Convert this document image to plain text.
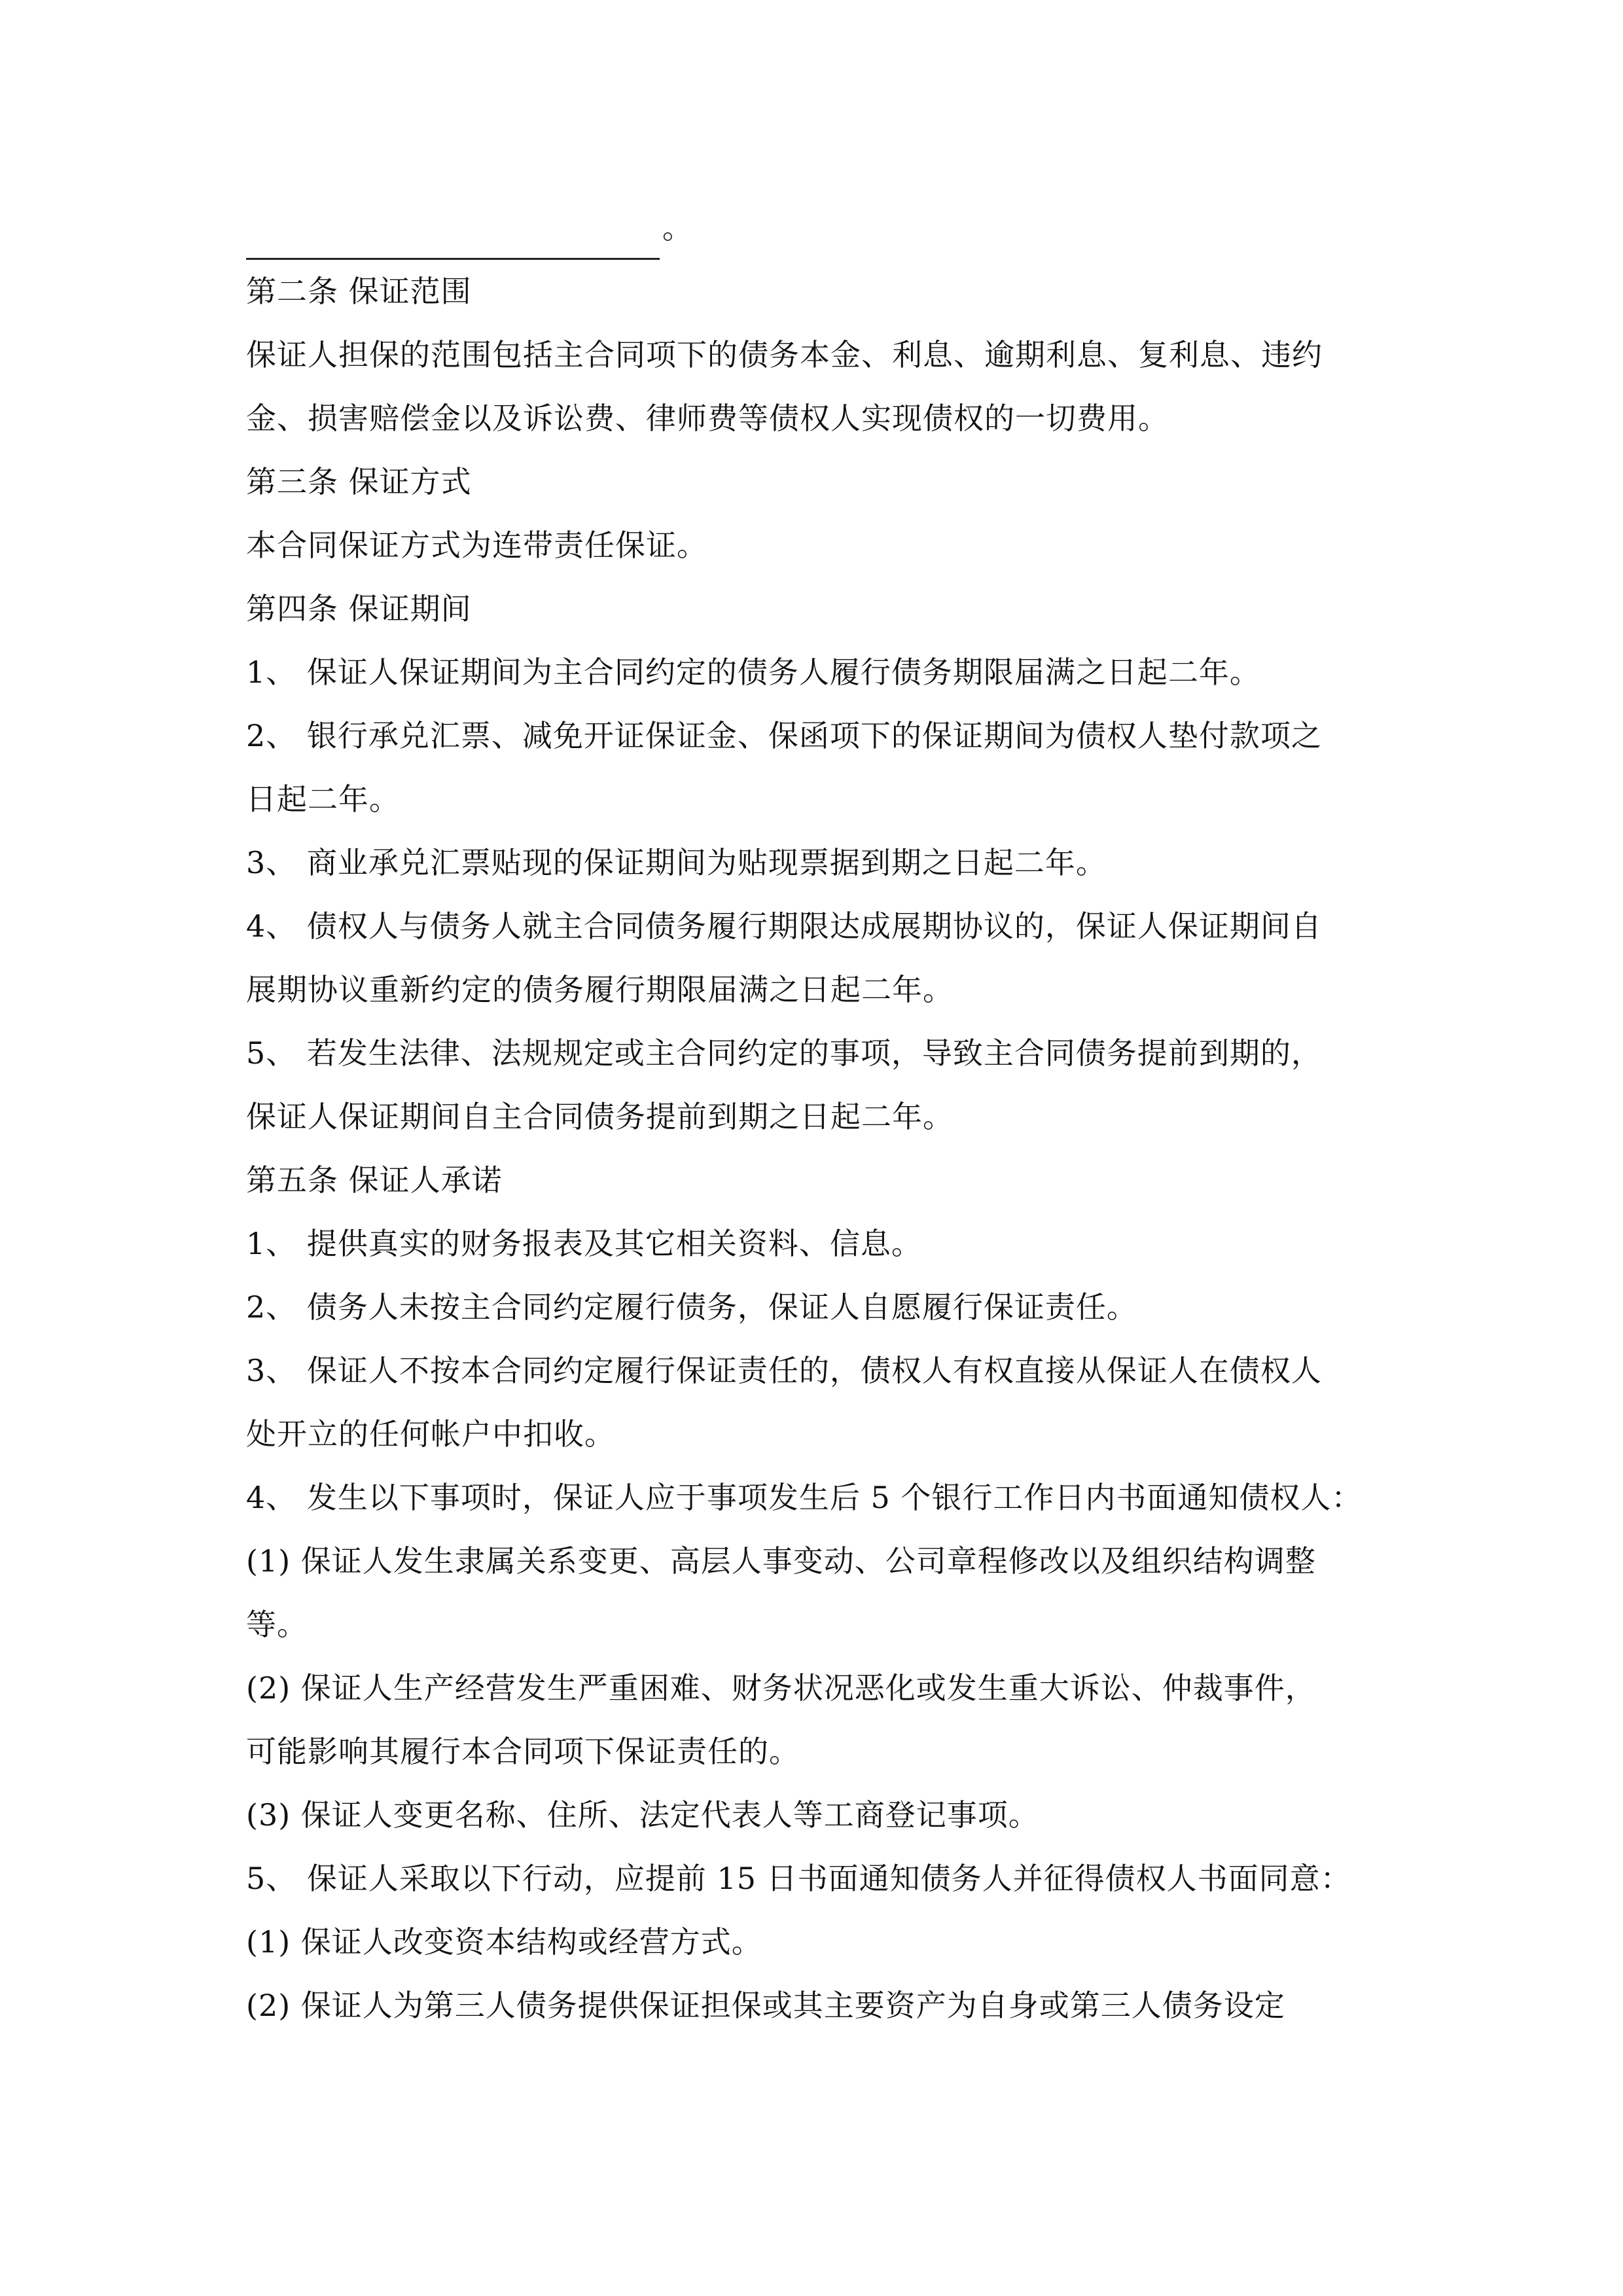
。
第二条 保证范围
保证人担保的范围包括主合同项下的债务本金、利息、逾期利息、复利息、违约
金、损害赔偿金以及诉讼费、律师费等债权人实现债权的一切费用。
第三条 保证方式
本合同保证方式为连带责任保证。
第四条 保证期间
1、 保证人保证期间为主合同约定的债务人履行债务期限届满之日起二年。
2、 银行承兑汇票、减免开证保证金、保函项下的保证期间为债权人垫付款项之
日起二年。
3、 商业承兑汇票贴现的保证期间为贴现票据到期之日起二年。
4、 债权人与债务人就主合同债务履行期限达成展期协议的，保证人保证期间自
展期协议重新约定的债务履行期限届满之日起二年。
5、 若发生法律、法规规定或主合同约定的事项，导致主合同债务提前到期的，
保证人保证期间自主合同债务提前到期之日起二年。
第五条 保证人承诺
1、 提供真实的财务报表及其它相关资料、信息。
2、 债务人未按主合同约定履行债务，保证人自愿履行保证责任。
3、 保证人不按本合同约定履行保证责任的，债权人有权直接从保证人在债权人
处开立的任何帐户中扣收。
4、 发生以下事项时，保证人应于事项发生后 5 个银行工作日内书面通知债权人：
(1) 保证人发生隶属关系变更、高层人事变动、公司章程修改以及组织结构调整
等。
(2) 保证人生产经营发生严重困难、财务状况恶化或发生重大诉讼、仲裁事件，
可能影响其履行本合同项下保证责任的。
(3) 保证人变更名称、住所、法定代表人等工商登记事项。
5、 保证人采取以下行动，应提前 15 日书面通知债务人并征得债权人书面同意：
(1) 保证人改变资本结构或经营方式。
(2) 保证人为第三人债务提供保证担保或其主要资产为自身或第三人债务设定
